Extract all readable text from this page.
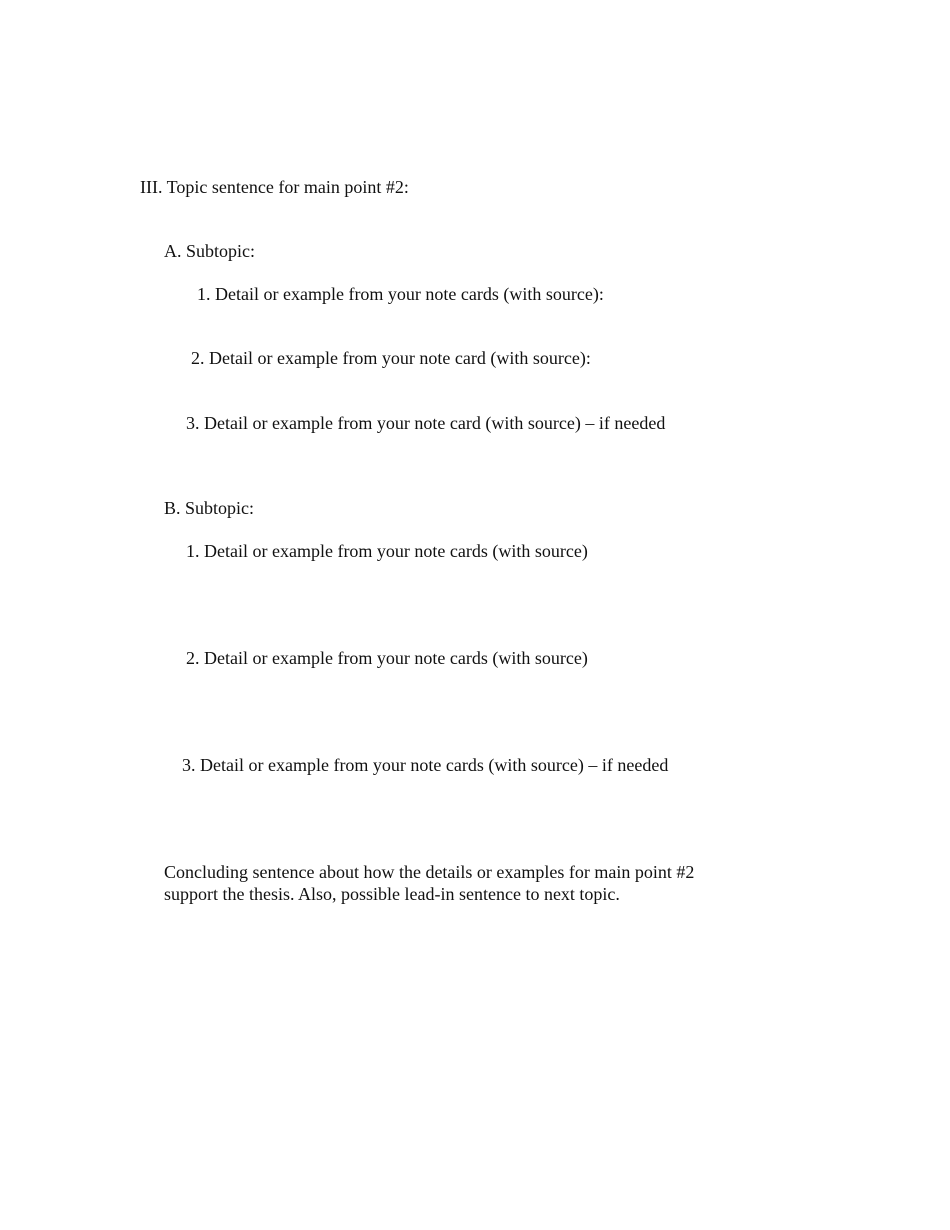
III. Topic sentence for main point #2:
A. Subtopic:
1. Detail or example from your note cards (with source):
2. Detail or example from your note card (with source):
3. Detail or example from your note card (with source) – if needed
B. Subtopic:
1. Detail or example from your note cards (with source)
2. Detail or example from your note cards (with source)
3. Detail or example from your note cards (with source) – if needed
Concluding sentence about how the details or examples for main point #2
support the thesis. Also, possible lead-in sentence to next topic.
